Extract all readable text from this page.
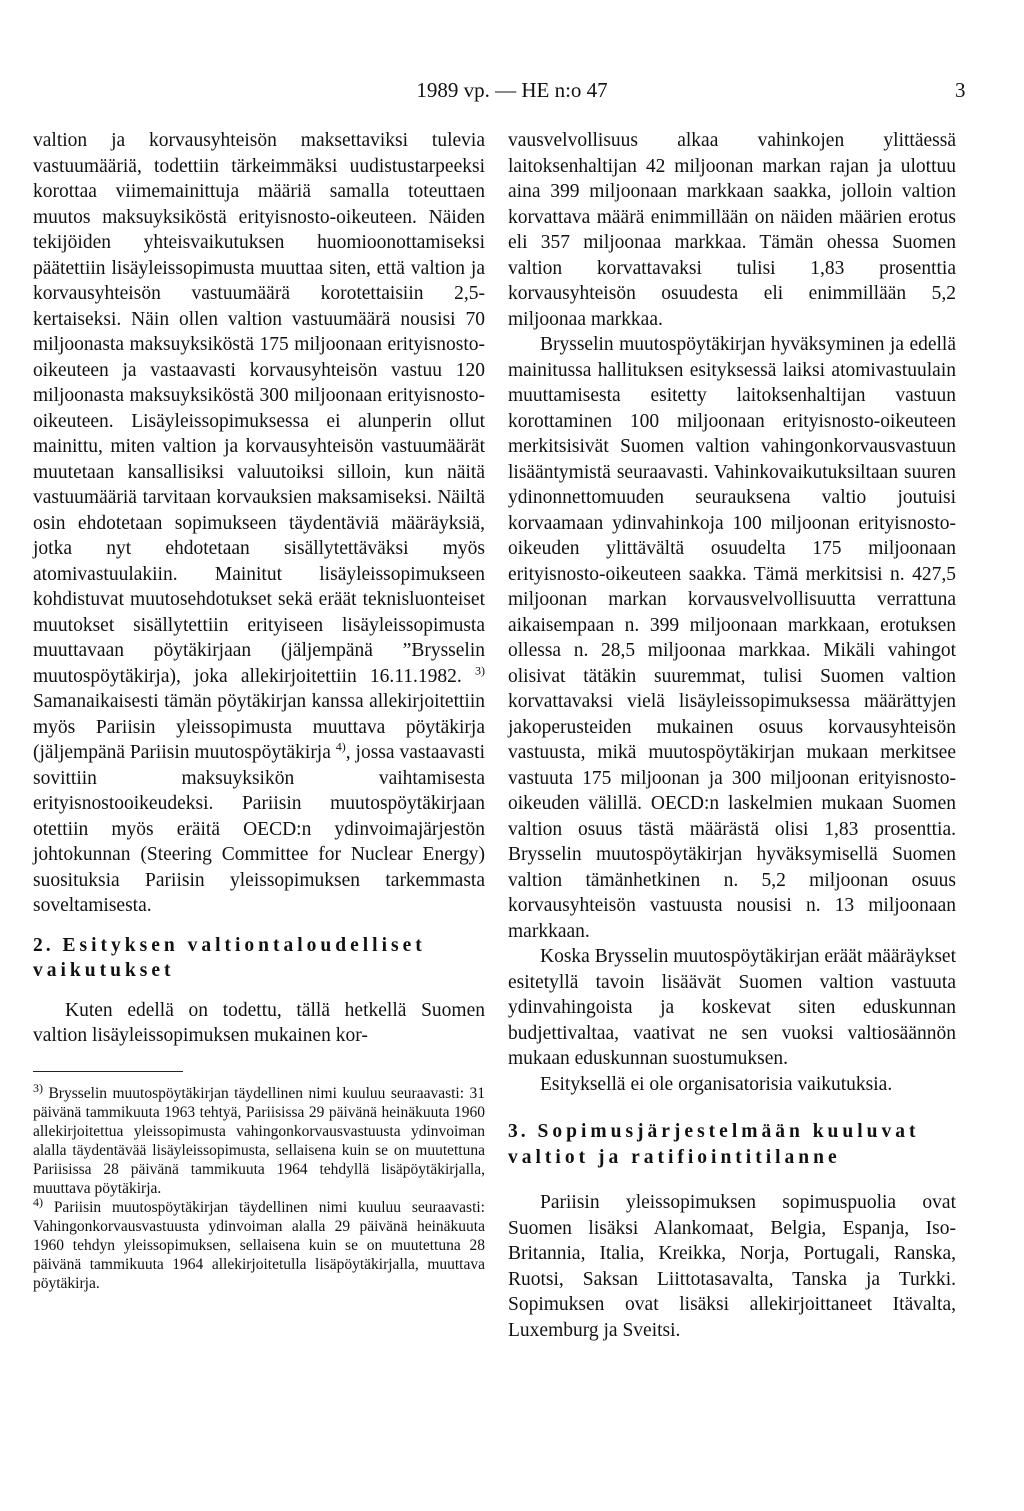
1989 vp. — HE n:o 47	3

valtion ja korvausyhteisön maksettaviksi tulevia vastuumääriä, todettiin tärkeimmäksi uudistustarpeeksi korottaa viimemainittuja määriä samalla toteuttaen muutos maksuyksiköstä erityisnosto-oikeuteen. Näiden tekijöiden yhteisvaikutuksen huomioonottamiseksi päätettiin lisäyleissopimusta muuttaa siten, että valtion ja korvausyhteisön vastuumäärä korotettaisiin 2,5-kertaiseksi. Näin ollen valtion vastuumäärä nousisi 70 miljoonasta maksuyksiköstä 175 miljoonaan erityisnosto-oikeuteen ja vastaavasti korvausyhteisön vastuu 120 miljoonasta maksuyksiköstä 300 miljoonaan erityisnosto-oikeuteen. Lisäyleissopimuksessa ei alunperin ollut mainittu, miten valtion ja korvausyhteisön vastuumäärät muutetaan kansallisiksi valuutoiksi silloin, kun näitä vastuumääriä tarvitaan korvauksien maksamiseksi. Näiltä osin ehdotetaan sopimukseen täydentäviä määräyksiä, jotka nyt ehdotetaan sisällytettäväksi myös atomivastuulakiin. Mainitut lisäyleissopimukseen kohdistuvat muutosehdotukset sekä eräät teknisluonteiset muutokset sisällytettiin erityiseen lisäyleissopimusta muuttavaan pöytäkirjaan (jäljempänä ”Brysselin muutospöytäkirja), joka allekirjoitettiin 16.11.1982. $^{3)}$ Samanaikaisesti tämän pöytäkirjan kanssa allekirjoitettiin myös Pariisin yleissopimusta muuttava pöytäkirja (jäljempänä Pariisin muutospöytäkirja $^{4)}$, jossa vastaavasti sovittiin maksuyksikön vaihtamisesta erityisnostooikeudeksi. Pariisin muutospöytäkirjaan otettiin myös eräitä OECD:n ydinvoimajärjestön johtokunnan (Steering Committee for Nuclear Energy) suosituksia Pariisin yleissopimuksen tarkemmasta soveltamisesta.

2. Esityksen valtiontaloudelliset vaikutukset

Kuten edellä on todettu, tällä hetkellä Suomen valtion lisäyleissopimuksen mukainen kor-

$^{3)}$ Brysselin muutospöytäkirjan täydellinen nimi kuuluu seuraavasti: 31 päivänä tammikuuta 1963 tehtyä, Pariisissa 29 päivänä heinäkuuta 1960 allekirjoitettua yleissopimusta vahingonkorvausvastuusta ydinvoiman alalla täydentävää lisäyleissopimusta, sellaisena kuin se on muutettuna Pariisissa 28 päivänä tammikuuta 1964 tehdyllä lisäpöytäkirjalla, muuttava pöytäkirja.

$^{4)}$ Pariisin muutospöytäkirjan täydellinen nimi kuuluu seuraavasti: Vahingonkorvausvastuusta ydinvoiman alalla 29 päivänä heinäkuuta 1960 tehdyn yleissopimuksen, sellaisena kuin se on muutettuna 28 päivänä tammikuuta 1964 allekirjoitetulla lisäpöytäkirjalla, muuttava pöytäkirja.

vausvelvollisuus alkaa vahinkojen ylittäessä laitoksenhaltijan 42 miljoonan markan rajan ja ulottuu aina 399 miljoonaan markkaan saakka, jolloin valtion korvattava määrä enimmillään on näiden määrien erotus eli 357 miljoonaa markkaa. Tämän ohessa Suomen valtion korvattavaksi tulisi 1,83 prosenttia korvausyhteisön osuudesta eli enimmillään 5,2 miljoonaa markkaa.

Brysselin muutospöytäkirjan hyväksyminen ja edellä mainitussa hallituksen esityksessä laiksi atomivastuulain muuttamisesta esitetty laitoksenhaltijan vastuun korottaminen 100 miljoonaan erityisnosto-oikeuteen merkitsisivät Suomen valtion vahingonkorvausvastuun lisääntymistä seuraavasti. Vahinkovaikutuksiltaan suuren ydinonnettomuuden seurauksena valtio joutuisi korvaamaan ydinvahinkoja 100 miljoonan erityisnosto-oikeuden ylittävältä osuudelta 175 miljoonaan erityisnosto-oikeuteen saakka. Tämä merkitsisi n. 427,5 miljoonan markan korvausvelvollisuutta verrattuna aikaisempaan n. 399 miljoonaan markkaan, erotuksen ollessa n. 28,5 miljoonaa markkaa. Mikäli vahingot olisivat tätäkin suuremmat, tulisi Suomen valtion korvattavaksi vielä lisäyleissopimuksessa määrättyjen jakoperusteiden mukainen osuus korvausyhteisön vastuusta, mikä muutospöytäkirjan mukaan merkitsee vastuuta 175 miljoonan ja 300 miljoonan erityisnosto-oikeuden välillä. OECD:n laskelmien mukaan Suomen valtion osuus tästä määrästä olisi 1,83 prosenttia. Brysselin muutospöytäkirjan hyväksymisellä Suomen valtion tämänhetkinen n. 5,2 miljoonan osuus korvausyhteisön vastuusta nousisi n. 13 miljoonaan markkaan.

Koska Brysselin muutospöytäkirjan eräät määräykset esitetyllä tavoin lisäävät Suomen valtion vastuuta ydinvahingoista ja koskevat siten eduskunnan budjettivaltaa, vaativat ne sen vuoksi valtiosäännön mukaan eduskunnan suostumuksen.

Esityksellä ei ole organisatorisia vaikutuksia.

3. Sopimusjärjestelmään kuuluvat valtiot ja ratifiointitilanne

Pariisin yleissopimuksen sopimuspuolia ovat Suomen lisäksi Alankomaat, Belgia, Espanja, Iso-Britannia, Italia, Kreikka, Norja, Portugali, Ranska, Ruotsi, Saksan Liittotasavalta, Tanska ja Turkki. Sopimuksen ovat lisäksi allekirjoittaneet Itävalta, Luxemburg ja Sveitsi.
